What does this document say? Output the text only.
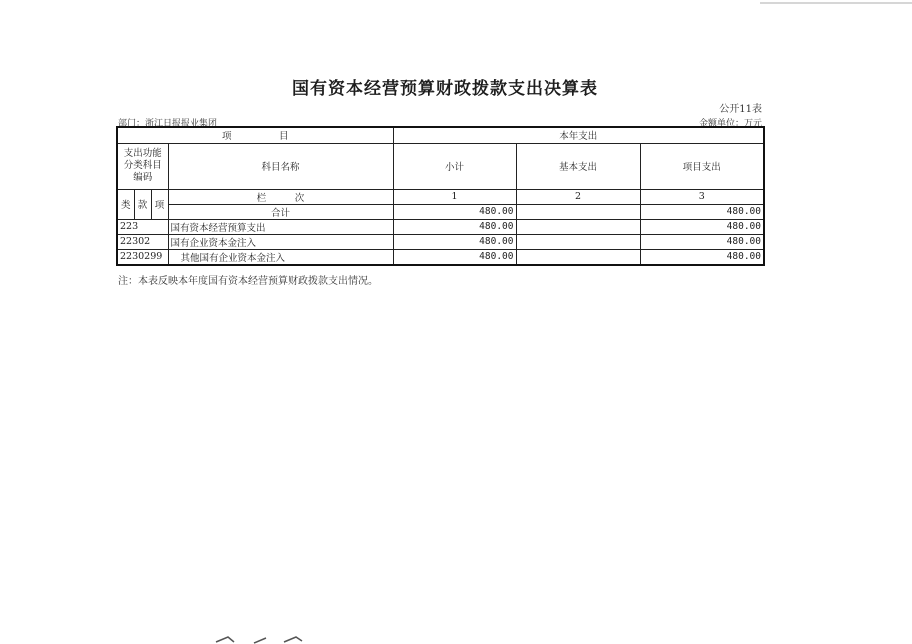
国有资本经营预算财政拨款支出决算表
公开11表
部门：浙江日报报业集团	金额单位：万元
项　　　　　目				本年支出		
支出功能分类科目编码			科目名称	小计	基本支出	项目支出
类	款	项				
			栏　　　次	1	2	3
			合计	480.00		480.00
223			国有资本经营预算支出	480.00		480.00
22302			国有企业资本金注入	480.00		480.00
2230299			其他国有企业资本金注入	480.00		480.00
注：本表反映本年度国有资本经营预算财政拨款支出情况。
